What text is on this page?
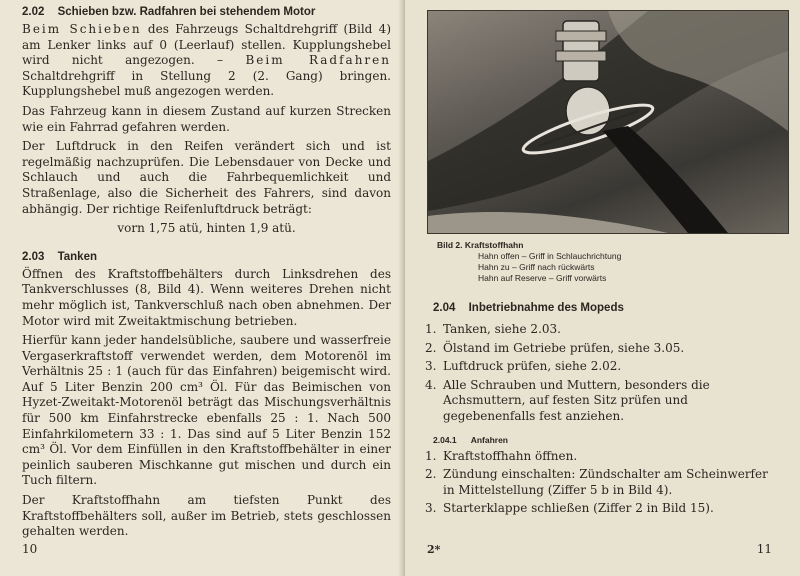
2.02 Schieben bzw. Radfahren bei stehendem Motor

Beim Schieben des Fahrzeugs Schaltdrehgriff (Bild 4) am Lenker links auf 0 (Leerlauf) stellen. Kupplungshebel wird nicht angezogen. – Beim Radfahren Schaltdrehgriff in Stellung 2 (2. Gang) bringen. Kupplungshebel muß angezogen werden.

Das Fahrzeug kann in diesem Zustand auf kurzen Strecken wie ein Fahrrad gefahren werden.

Der Luftdruck in den Reifen verändert sich und ist regelmäßig nachzuprüfen. Die Lebensdauer von Decke und Schlauch und auch die Fahrbequemlichkeit und Straßenlage, also die Sicherheit des Fahrers, sind davon abhängig. Der richtige Reifenluftdruck beträgt:

vorn 1,75 atü, hinten 1,9 atü.

2.03 Tanken

Öffnen des Kraftstoffbehälters durch Linksdrehen des Tankverschlusses (8, Bild 4). Wenn weiteres Drehen nicht mehr möglich ist, Tankverschluß nach oben abnehmen. Der Motor wird mit Zweitaktmischung betrieben.

Hierfür kann jeder handelsübliche, saubere und wasserfreie Vergaserkraftstoff verwendet werden, dem Motorenöl im Verhältnis 25 : 1 (auch für das Einfahren) beigemischt wird. Auf 5 Liter Benzin 200 cm³ Öl. Für das Beimischen von Hyzet-Zweitakt-Motorenöl beträgt das Mischungsverhältnis für 500 km Einfahrstrecke ebenfalls 25 : 1. Nach 500 Einfahrkilometern 33 : 1. Das sind auf 5 Liter Benzin 152 cm³ Öl. Vor dem Einfüllen in den Kraftstoffbehälter in einer peinlich sauberen Mischkanne gut mischen und durch ein Tuch filtern.

Der Kraftstoffhahn am tiefsten Punkt des Kraftstoffbehälters soll, außer im Betrieb, stets geschlossen gehalten werden.

10
Bild 2. Kraftstoffhahn
Hahn offen – Griff in Schlauchrichtung
Hahn zu – Griff nach rückwärts
Hahn auf Reserve – Griff vorwärts
2.04 Inbetriebnahme des Mopeds
1. Tanken, siehe 2.03.
2. Ölstand im Getriebe prüfen, siehe 3.05.
3. Luftdruck prüfen, siehe 2.02.
4. Alle Schrauben und Muttern, besonders die Achsmuttern, auf festen Sitz prüfen und gegebenenfalls fest anziehen.
2.04.1 Anfahren
1. Kraftstoffhahn öffnen.
2. Zündung einschalten: Zündschalter am Scheinwerfer in Mittelstellung (Ziffer 5 b in Bild 4).
3. Starterklappe schließen (Ziffer 2 in Bild 15).
2*	11
